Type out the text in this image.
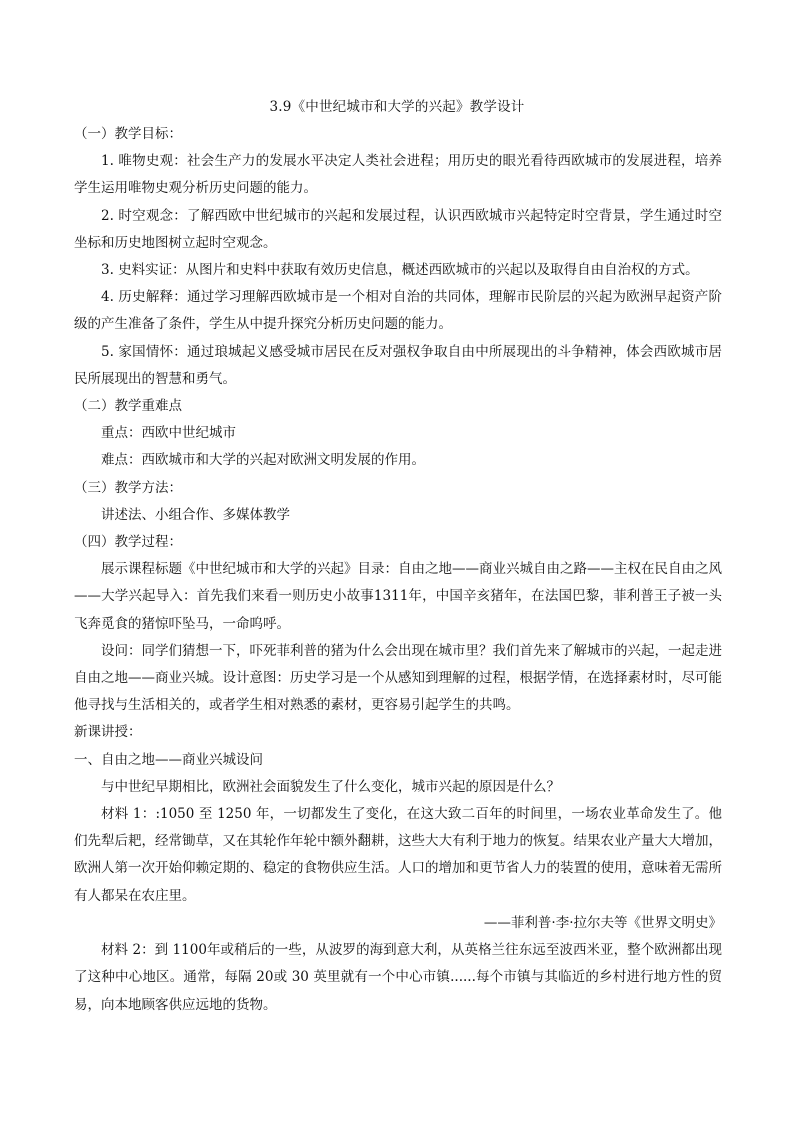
3.9《中世纪城市和大学的兴起》教学设计

（一）教学目标：

1. 唯物史观：社会生产力的发展水平决定人类社会进程；用历史的眼光看待西欧城市的发展进程，培养学生运用唯物史观分析历史问题的能力。

2. 时空观念：了解西欧中世纪城市的兴起和发展过程，认识西欧城市兴起特定时空背景，学生通过时空坐标和历史地图树立起时空观念。

3. 史料实证：从图片和史料中获取有效历史信息，概述西欧城市的兴起以及取得自由自治权的方式。

4. 历史解释：通过学习理解西欧城市是一个相对自治的共同体，理解市民阶层的兴起为欧洲早起资产阶级的产生准备了条件，学生从中提升探究分析历史问题的能力。

5. 家国情怀：通过琅城起义感受城市居民在反对强权争取自由中所展现出的斗争精神，体会西欧城市居民所展现出的智慧和勇气。

（二）教学重难点

重点：西欧中世纪城市

难点：西欧城市和大学的兴起对欧洲文明发展的作用。

（三）教学方法：

讲述法、小组合作、多媒体教学

（四）教学过程：

展示课程标题《中世纪城市和大学的兴起》目录：自由之地——商业兴城自由之路——主权在民自由之风——大学兴起导入：首先我们来看一则历史小故事1311年，中国辛亥猪年，在法国巴黎，菲利普王子被一头飞奔觅食的猪惊吓坠马，一命呜呼。

设问：同学们猜想一下，吓死菲利普的猪为什么会出现在城市里？我们首先来了解城市的兴起，一起走进自由之地——商业兴城。设计意图：历史学习是一个从感知到理解的过程，根据学情，在选择素材时，尽可能他寻找与生活相关的，或者学生相对熟悉的素材，更容易引起学生的共鸣。

新课讲授：

一、自由之地——商业兴城设问

与中世纪早期相比，欧洲社会面貌发生了什么变化，城市兴起的原因是什么？

材料 1：:1050 至 1250 年，一切都发生了变化，在这大致二百年的时间里，一场农业革命发生了。他们先犁后耙，经常锄草，又在其轮作年轮中额外翻耕，这些大大有利于地力的恢复。结果农业产量大大增加，欧洲人第一次开始仰赖定期的、稳定的食物供应生活。人口的增加和更节省人力的装置的使用，意味着无需所有人都呆在农庄里。

——菲利普·李·拉尔夫等《世界文明史》

材料 2：到 1100年或稍后的一些，从波罗的海到意大利，从英格兰往东远至波西米亚，整个欧洲都出现了这种中心地区。通常，每隔 20或 30 英里就有一个中心市镇......每个市镇与其临近的乡村进行地方性的贸易，向本地顾客供应远地的货物。
